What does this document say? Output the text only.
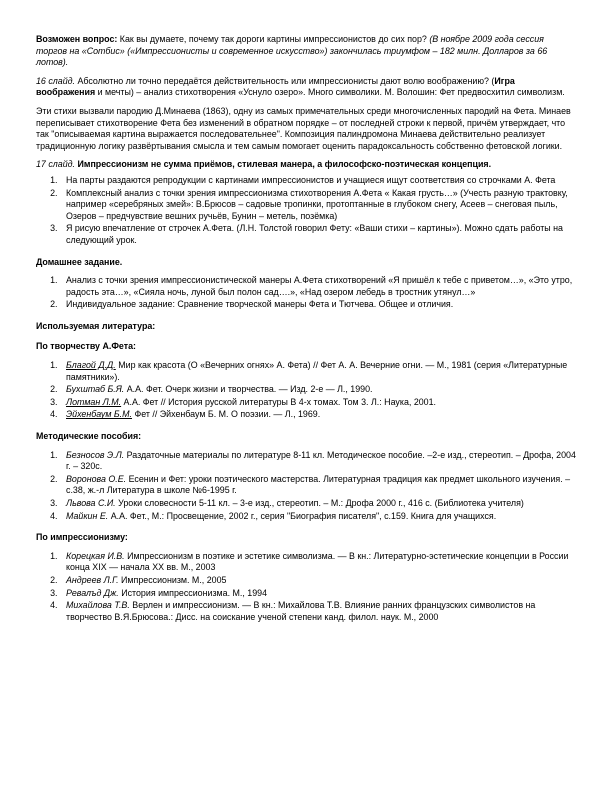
Возможен вопрос: Как вы думаете, почему так дороги картины импрессионистов до сих пор? (В ноябре 2009 года сессия торгов на «Сотбис» («Импрессионисты и современное искусство») закончилась триумфом – 182 милн. Долларов за 66 лотов).

16 слайд. Абсолютно ли точно передаётся действительность или импрессионисты дают волю воображению? (Игра воображения и мечты) – анализ стихотворения «Уснуло озеро». Много символики. М. Волошин: Фет предвосхитил символизм.

Эти стихи вызвали пародию Д.Минаева (1863), одну из самых примечательных среди многочисленных пародий на Фета. Минаев переписывает стихотворение Фета без изменений в обратном порядке – от последней строки к первой, причём утверждает, что так "описываемая картина выражается последовательнее". Композиция палиндромона Минаева действительно реализует традиционную логику развёртывания смысла и тем самым помогает оценить парадоксальность собственно фетовской логики.

17 слайд. Импрессионизм не сумма приёмов, стилевая манера, а философско-поэтическая концепция.

1. На парты раздаются репродукции с картинами импрессионистов и учащиеся ищут соответствия со строчками А. Фета
2. Комплексный анализ с точки зрения импрессионизма стихотворения А.Фета « Какая грусть…» (Учесть разную трактовку, например «серебряных змей»: В.Брюсов – садовые тропинки, протоптанные в глубоком снегу, Асеев – снеговая пыль, Озеров – предчувствие вешних ручьёв, Бунин – метель, позёмка)
3. Я рисую впечатление от строчек А.Фета. (Л.Н. Толстой говорил Фету: «Ваши стихи – картины»). Можно сдать работы на следующий урок.
Домашнее задание.
1. Анализ с точки зрения импрессионистической манеры А.Фета стихотворений «Я пришёл к тебе с приветом…», «Это утро, радость эта…», «Сияла ночь, луной был полон сад….», «Над озером лебедь в тростник утянул…»
2. Индивидуальное задание: Сравнение творческой манеры Фета и Тютчева. Общее и отличия.
Используемая литература:
По творчеству А.Фета:
1. Благой Д.Д. Мир как красота (О «Вечерних огнях» А. Фета) // Фет А. А. Вечерние огни. — М., 1981 (серия «Литературные памятники»).
2. Бухштаб Б.Я. А.А. Фет. Очерк жизни и творчества. — Изд. 2-е — Л., 1990.
3. Лотман Л.М. А.А. Фет // История русской литературы В 4-х томах. Том 3. Л.: Наука, 2001.
4. Эйхенбаум Б.М. Фет // Эйхенбаум Б. М. О поэзии. — Л., 1969.
Методические пособия:
1. Безносов Э.Л. Раздаточные материалы по литературе 8-11 кл. Методическое пособие. –2-е изд., стереотип. – Дрофа, 2004 г. – 320с.
2. Воронова О.Е. Есенин и Фет: уроки поэтического мастерства. Литературная традиция как предмет школьного изучения. –с.38, ж.-л Литература в школе №6-1995 г.
3. Львова С.И. Уроки словесности 5-11 кл. – 3-е изд., стереотип. – М.: Дрофа 2000 г., 416 с. (Библиотека учителя)
4. Майкин Е. А.А. Фет., М.: Просвещение, 2002 г., серия "Биография писателя", с.159. Книга для учащихся.
По импрессионизму:
1. Корецкая И.В. Импрессионизм в поэтике и эстетике символизма. — В кн.: Литературно-эстетические концепции в России конца XIX — начала XX вв. М., 2003
2. Андреев Л.Г. Импрессионизм. М., 2005
3. Ревалъд Дж. История импрессионизма. М., 1994
4. Михайлова Т.В. Верлен и импрессионизм. — В кн.: Михайлова Т.В. Влияние ранних французских символистов на творчество В.Я.Брюсова.: Дисс. на соискание ученой степени канд. филол. наук. М., 2000
